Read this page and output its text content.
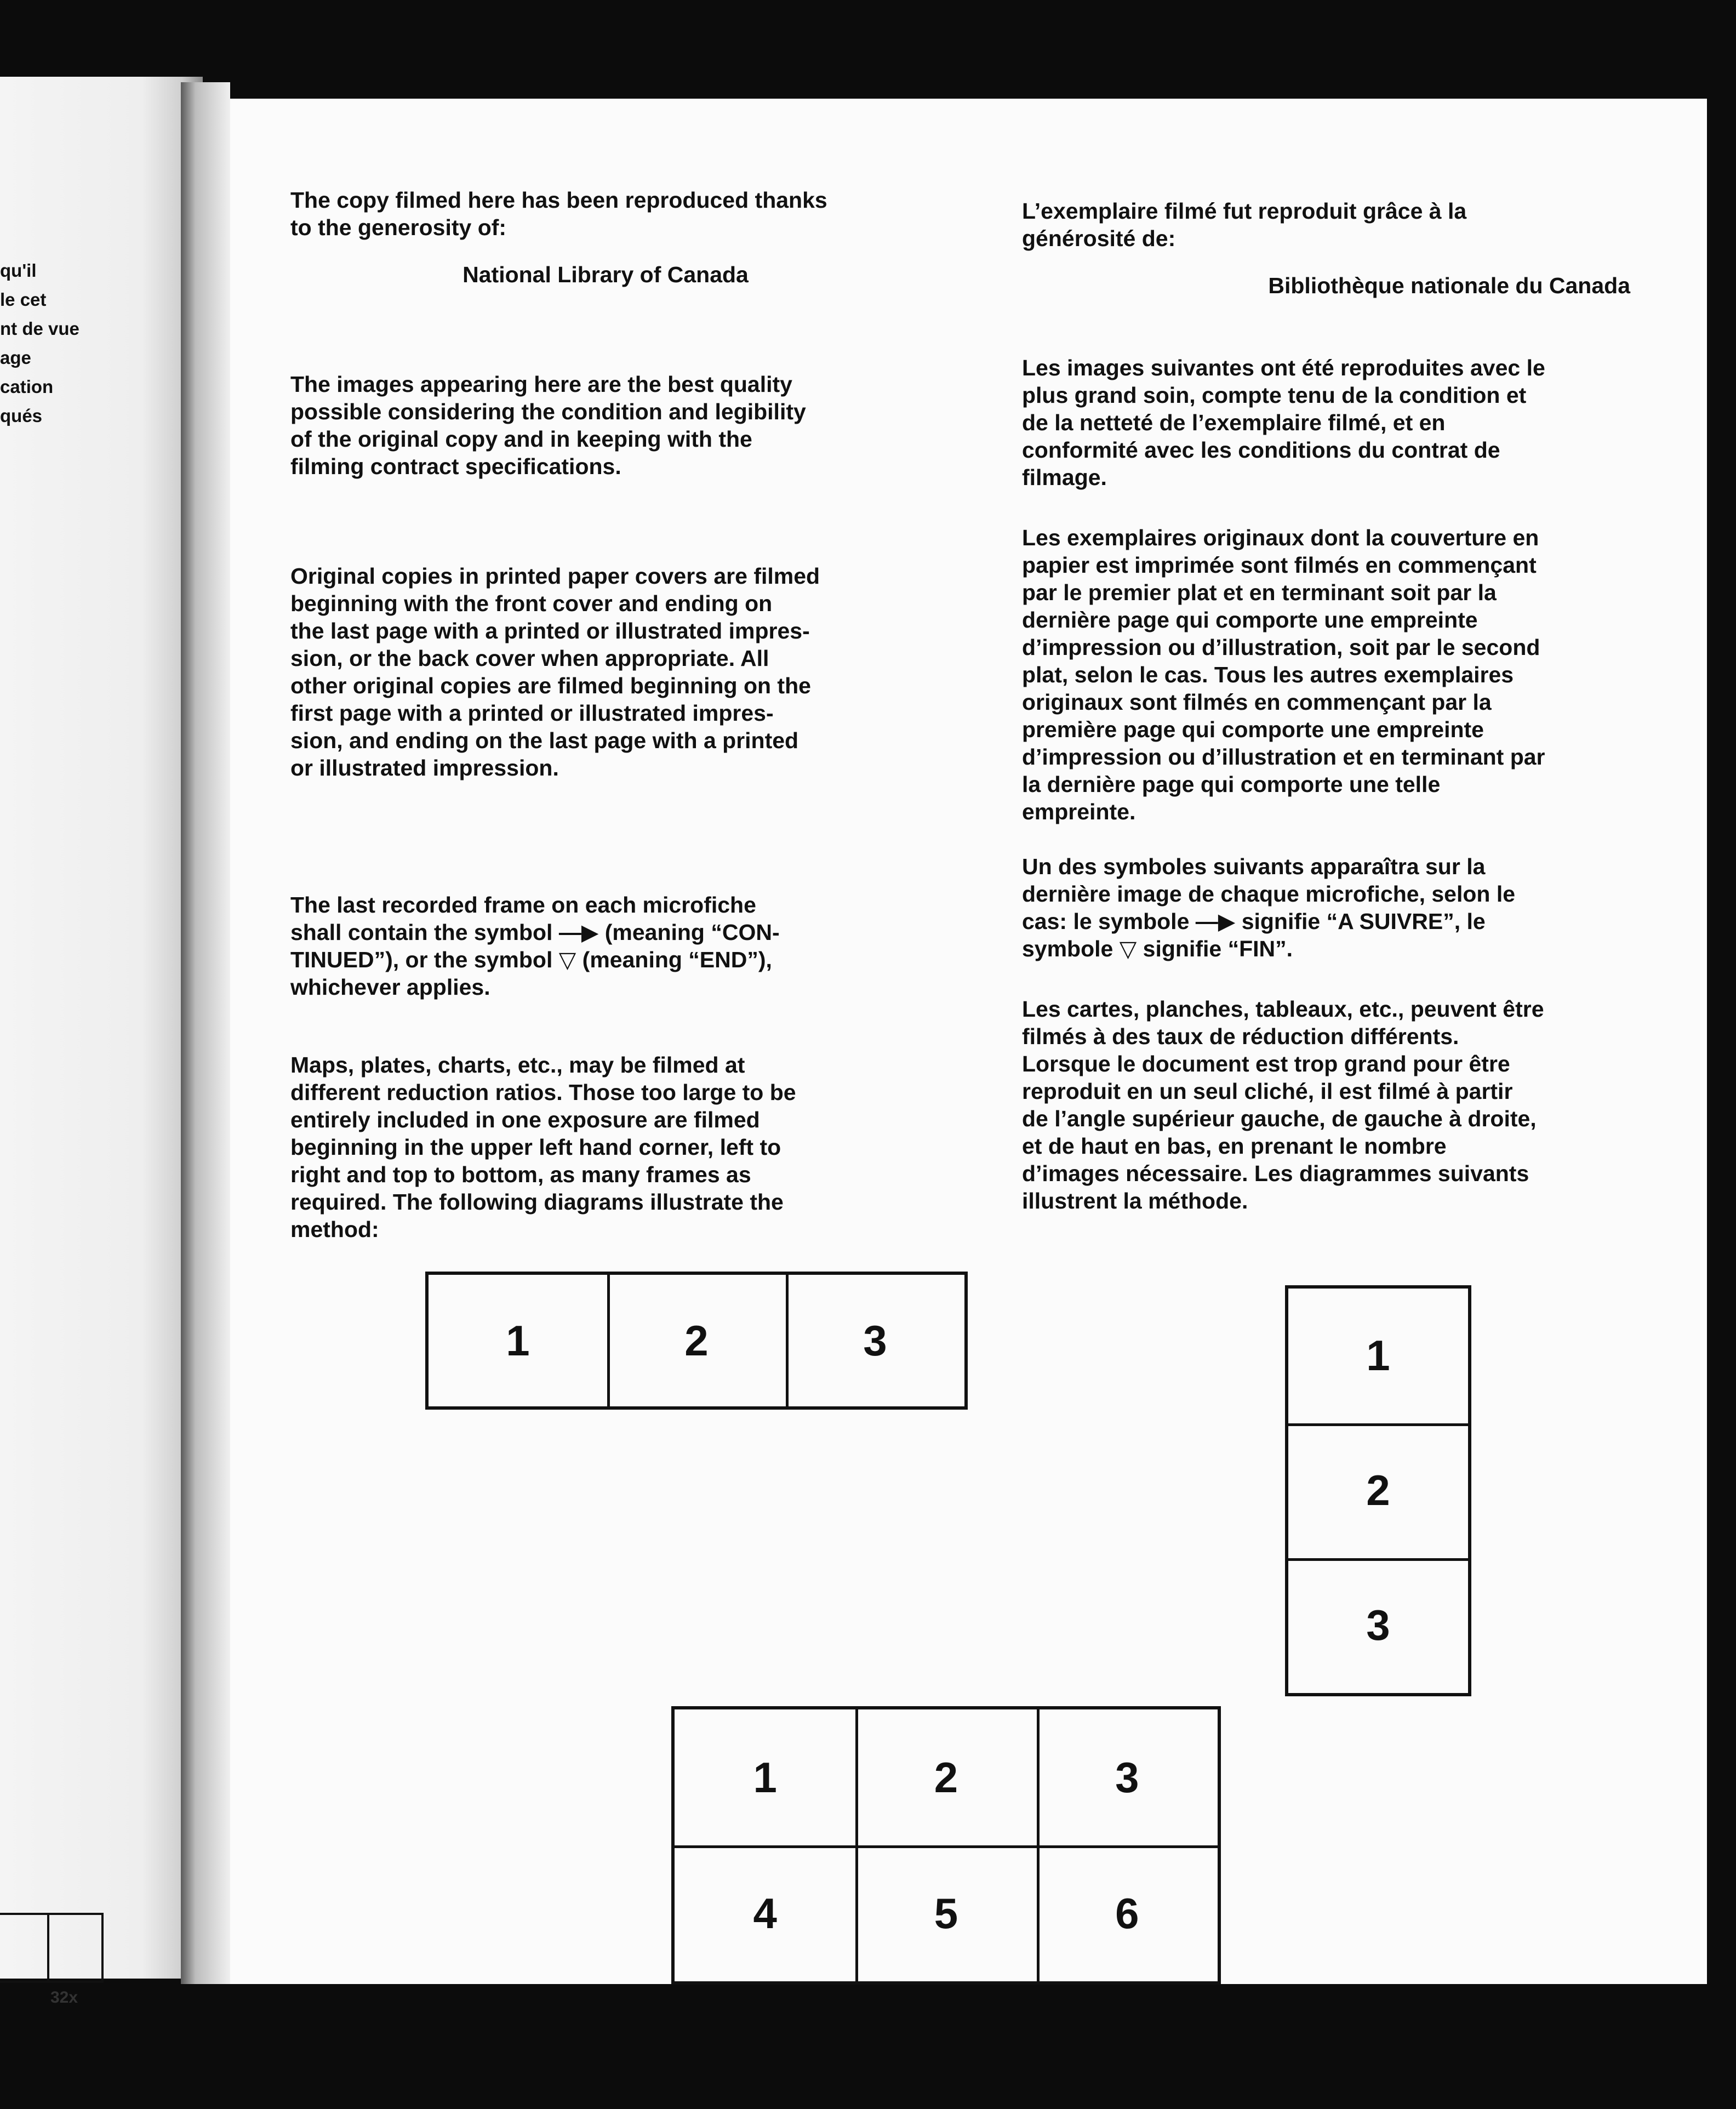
qu'il
le cet
nt de vue
age
cation
qués
32x

The copy filmed here has been reproduced thanks
to the generosity of:

National Library of Canada

The images appearing here are the best quality
possible considering the condition and legibility
of the original copy and in keeping with the
filming contract specifications.

Original copies in printed paper covers are filmed
beginning with the front cover and ending on
the last page with a printed or illustrated impres-
sion, or the back cover when appropriate. All
other original copies are filmed beginning on the
first page with a printed or illustrated impres-
sion, and ending on the last page with a printed
or illustrated impression.

The last recorded frame on each microfiche
shall contain the symbol —▶ (meaning “CON-
TINUED”), or the symbol ▽ (meaning “END”),
whichever applies.

Maps, plates, charts, etc., may be filmed at
different reduction ratios. Those too large to be
entirely included in one exposure are filmed
beginning in the upper left hand corner, left to
right and top to bottom, as many frames as
required. The following diagrams illustrate the
method:

L’exemplaire filmé fut reproduit grâce à la
générosité de:

Bibliothèque nationale du Canada

Les images suivantes ont été reproduites avec le
plus grand soin, compte tenu de la condition et
de la netteté de l’exemplaire filmé, et en
conformité avec les conditions du contrat de
filmage.

Les exemplaires originaux dont la couverture en
papier est imprimée sont filmés en commençant
par le premier plat et en terminant soit par la
dernière page qui comporte une empreinte
d’impression ou d’illustration, soit par le second
plat, selon le cas. Tous les autres exemplaires
originaux sont filmés en commençant par la
première page qui comporte une empreinte
d’impression ou d’illustration et en terminant par
la dernière page qui comporte une telle
empreinte.

Un des symboles suivants apparaîtra sur la
dernière image de chaque microfiche, selon le
cas: le symbole —▶ signifie “A SUIVRE”, le
symbole ▽ signifie “FIN”.

Les cartes, planches, tableaux, etc., peuvent être
filmés à des taux de réduction différents.
Lorsque le document est trop grand pour être
reproduit en un seul cliché, il est filmé à partir
de l’angle supérieur gauche, de gauche à droite,
et de haut en bas, en prenant le nombre
d’images nécessaire. Les diagrammes suivants
illustrent la méthode.

1	2	3	1
2
3
1	2	3
4	5	6
